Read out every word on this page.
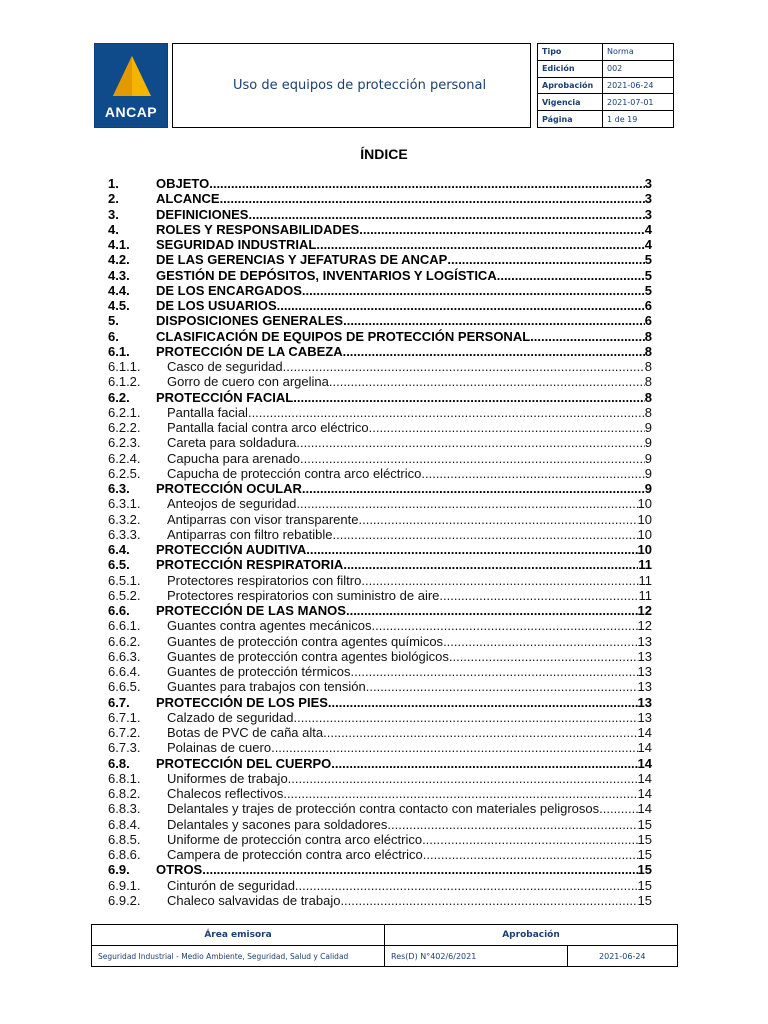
ANCAP
Uso de equipos de protección personal
Tipo	Norma
Edición	002
Aprobación	2021-06-24
Vigencia	2021-07-01
Página	1 de 19
ÍNDICE
1.	OBJETO .....	3
2.	ALCANCE .....	3
3.	DEFINICIONES .....	3
4.	ROLES Y RESPONSABILIDADES .....	4
4.1.	SEGURIDAD INDUSTRIAL .....	4
4.2.	DE LAS GERENCIAS Y JEFATURAS DE ANCAP .....	5
4.3.	GESTIÓN DE DEPÓSITOS, INVENTARIOS Y LOGÍSTICA .....	5
4.4.	DE LOS ENCARGADOS .....	5
4.5.	DE LOS USUARIOS .....	6
5.	DISPOSICIONES GENERALES .....	6
6.	CLASIFICACIÓN DE EQUIPOS DE PROTECCIÓN PERSONAL .....	8
6.1.	PROTECCIÓN DE LA CABEZA .....	8
6.1.1.	Casco de seguridad .....	8
6.1.2.	Gorro de cuero con argelina .....	8
6.2.	PROTECCIÓN FACIAL .....	8
6.2.1.	Pantalla facial .....	8
6.2.2.	Pantalla facial contra arco eléctrico .....	9
6.2.3.	Careta para soldadura .....	9
6.2.4.	Capucha para arenado .....	9
6.2.5.	Capucha de protección contra arco eléctrico .....	9
6.3.	PROTECCIÓN OCULAR .....	9
6.3.1.	Anteojos de seguridad .....	10
6.3.2.	Antiparras con visor transparente .....	10
6.3.3.	Antiparras con filtro rebatible .....	10
6.4.	PROTECCIÓN AUDITIVA .....	10
6.5.	PROTECCIÓN RESPIRATORIA .....	11
6.5.1.	Protectores respiratorios con filtro .....	11
6.5.2.	Protectores respiratorios con suministro de aire .....	11
6.6.	PROTECCIÓN DE LAS MANOS .....	12
6.6.1.	Guantes contra agentes mecánicos .....	12
6.6.2.	Guantes de protección contra agentes químicos .....	13
6.6.3.	Guantes de protección contra agentes biológicos .....	13
6.6.4.	Guantes de protección térmicos .....	13
6.6.5.	Guantes para trabajos con tensión .....	13
6.7.	PROTECCIÓN DE LOS PIES .....	13
6.7.1.	Calzado de seguridad .....	13
6.7.2.	Botas de PVC de caña alta .....	14
6.7.3.	Polainas de cuero .....	14
6.8.	PROTECCIÓN DEL CUERPO .....	14
6.8.1.	Uniformes de trabajo .....	14
6.8.2.	Chalecos reflectivos .....	14
6.8.3.	Delantales y trajes de protección contra contacto con materiales peligrosos .....	14
6.8.4.	Delantales y sacones para soldadores .....	15
6.8.5.	Uniforme de protección contra arco eléctrico .....	15
6.8.6.	Campera de protección contra arco eléctrico .....	15
6.9.	OTROS .....	15
6.9.1.	Cinturón de seguridad .....	15
6.9.2.	Chaleco salvavidas de trabajo .....	15
Área emisora	Aprobación	
Seguridad Industrial - Medio Ambiente, Seguridad, Salud y Calidad	Res(D) N°402/6/2021	2021-06-24
